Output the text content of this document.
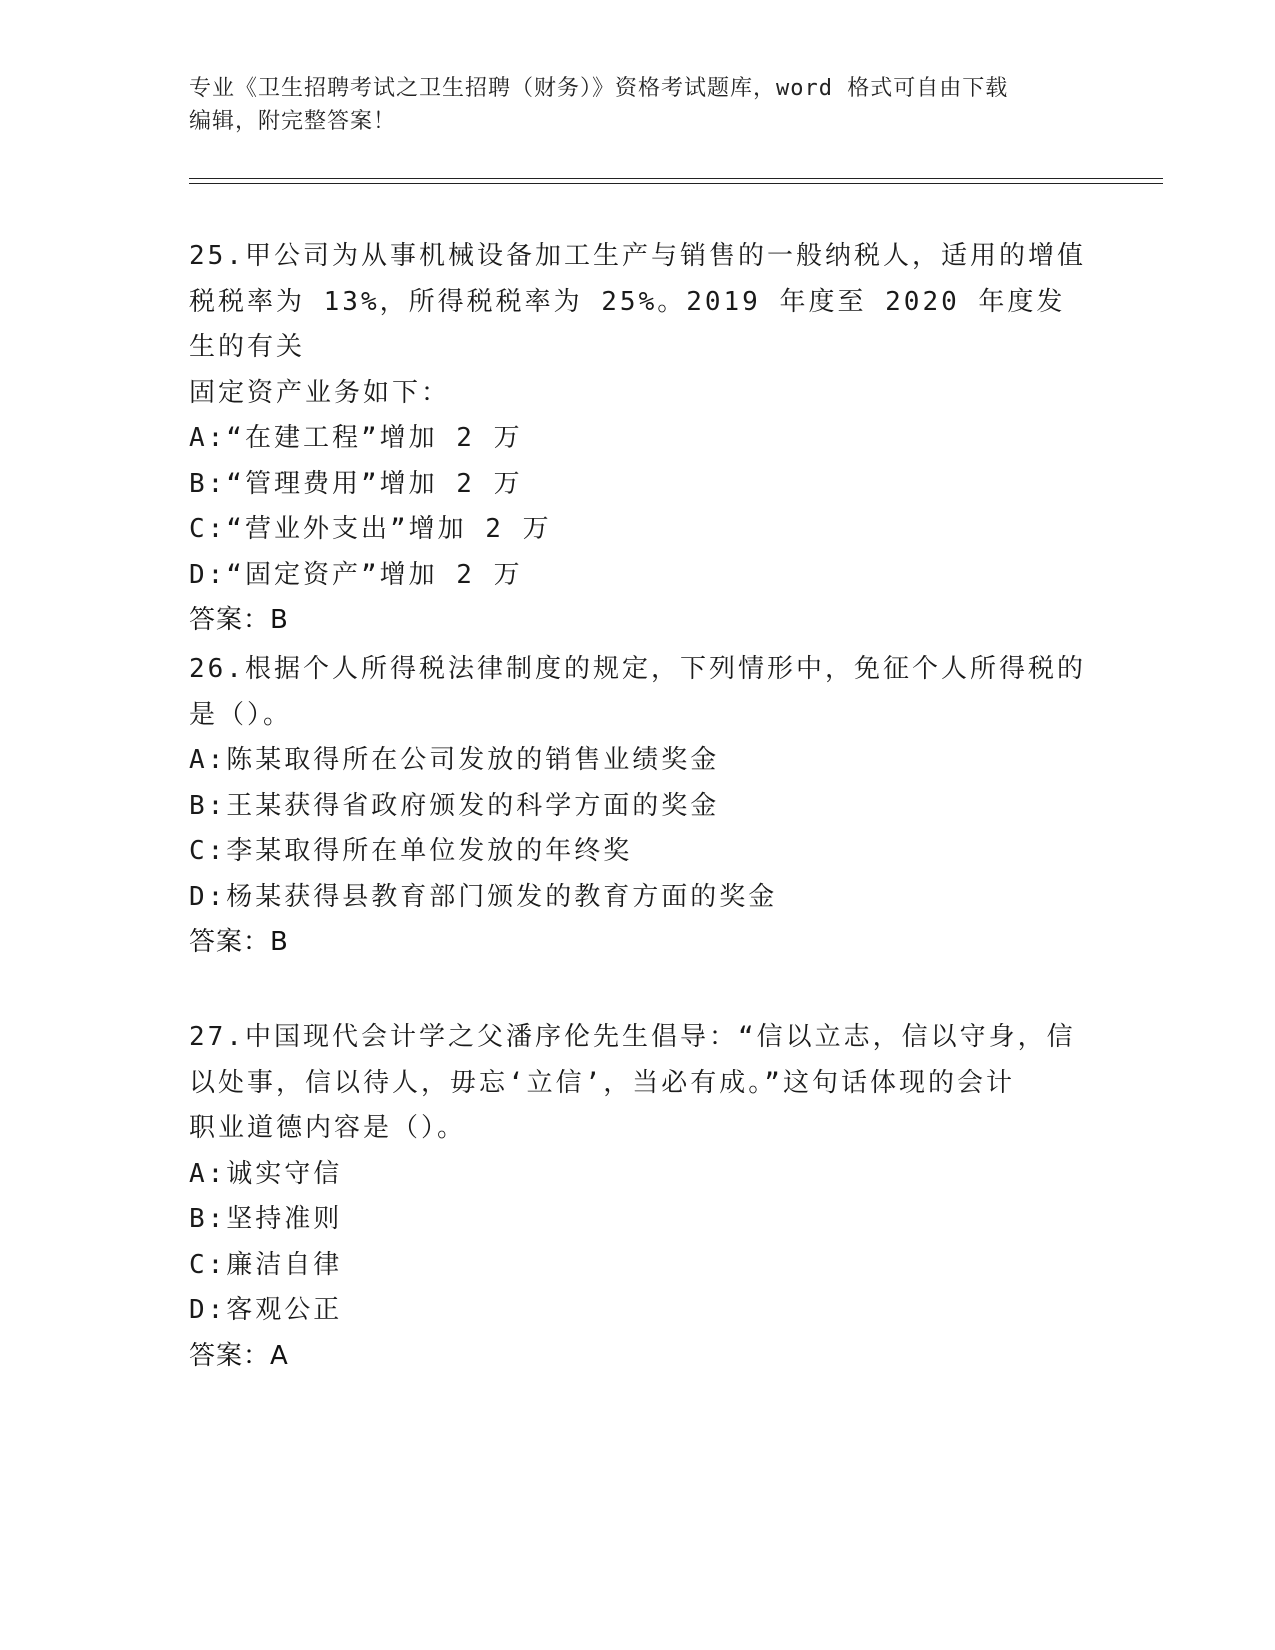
专业《卫生招聘考试之卫生招聘（财务）》资格考试题库，word 格式可自由下载
编辑，附完整答案！
25.甲公司为从事机械设备加工生产与销售的一般纳税人，适用的增值
税税率为 13%，所得税税率为 25%。2019 年度至 2020 年度发生的有关
固定资产业务如下：
A:“在建工程”增加 2 万
B:“管理费用”增加 2 万
C:“营业外支出”增加 2 万
D:“固定资产”增加 2 万
答案：B
26.根据个人所得税法律制度的规定，下列情形中，免征个人所得税的
是（）。
A:陈某取得所在公司发放的销售业绩奖金
B:王某获得省政府颁发的科学方面的奖金
C:李某取得所在单位发放的年终奖
D:杨某获得县教育部门颁发的教育方面的奖金
答案：B
27.中国现代会计学之父潘序伦先生倡导：“信以立志，信以守身，信
以处事，信以待人，毋忘‘立信’，当必有成。”这句话体现的会计
职业道德内容是（）。
A:诚实守信
B:坚持准则
C:廉洁自律
D:客观公正
答案：A
